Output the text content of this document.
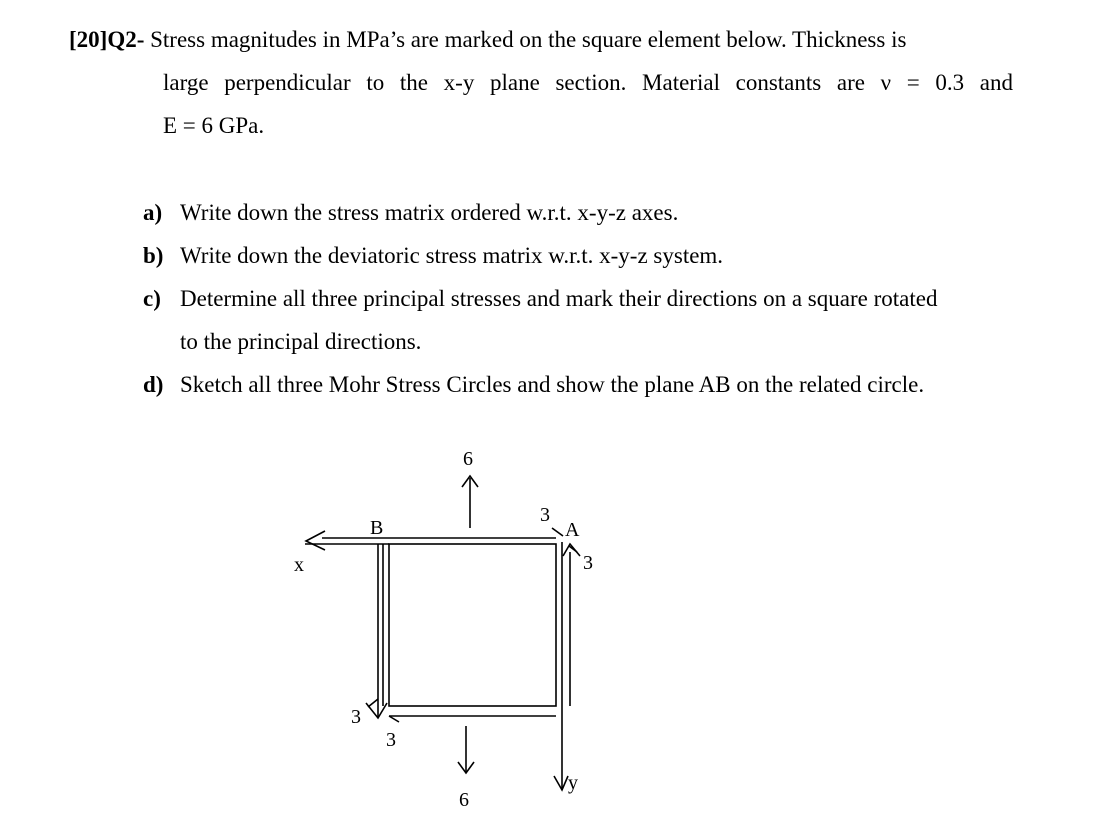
[20]Q2- Stress magnitudes in MPa’s are marked on the square element below. Thickness is
large perpendicular to the x-y plane section. Material constants are ν = 0.3 and
E = 6 GPa.
a) Write down the stress matrix ordered w.r.t. x-y-z axes.
b) Write down the deviatoric stress matrix w.r.t. x-y-z system.
c) Determine all three principal stresses and mark their directions on a square rotated
to the principal directions.
d) Sketch all three Mohr Stress Circles and show the plane AB on the related circle.
6
6
3
3
3
3
A
B
x
y
